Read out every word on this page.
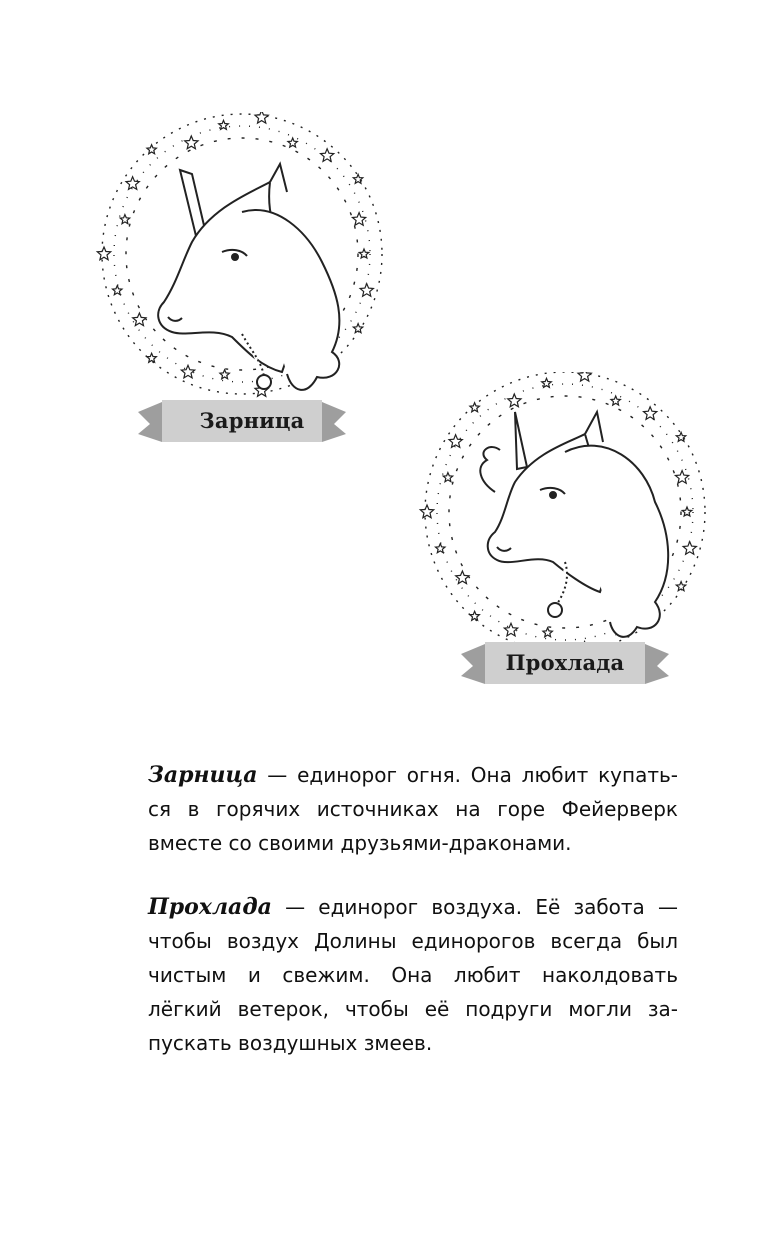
Зарница
Прохлада
Зарница — единорог огня. Она любит купать-
ся в горячих источниках на горе Фейерверк
вместе со своими друзьями-драконами.
Прохлада — единорог воздуха. Её забота —
чтобы воздух Долины единорогов всегда был
чистым и свежим. Она любит наколдовать
лёгкий ветерок, чтобы её подруги могли за-
пускать воздушных змеев.
